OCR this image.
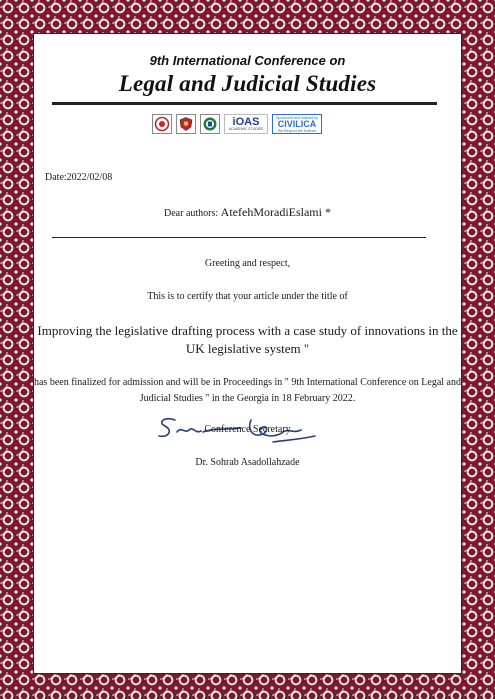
9th International Conference on
Legal and Judicial Studies
iOAS
ACADEMIC STUDIES
Sponsored and Indexed by
CIVILICA
We Respect the Science
Date:2022/02/08
Dear authors: AtefehMoradiEslami *
Greeting and respect,
This is to certify that your article under the title of
Improving the legislative drafting process with a case study of innovations in the UK legislative system "
has been finalized for admission and will be in Proceedings in " 9th International Conference on Legal and Judicial Studies " in the Georgia in 18 February 2022.
Conference Secretary
Dr. Sohrab Asadollahzade
